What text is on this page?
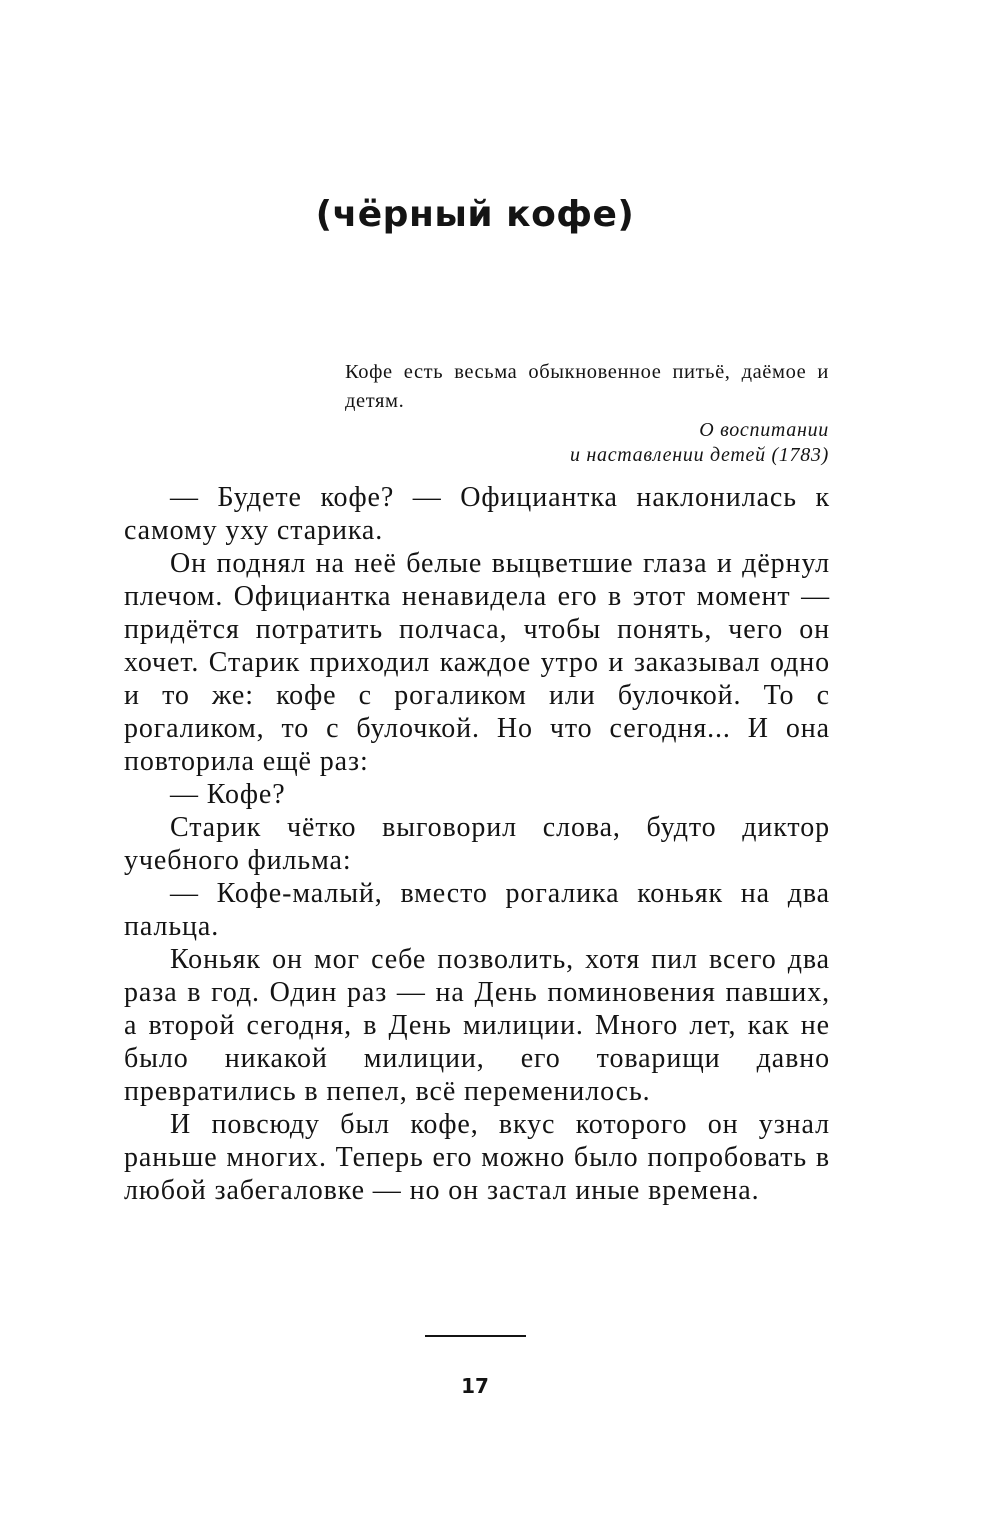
(чёрный кофе)

Кофе есть весьма обыкновенное питьё, даёмое и детям.

О воспитании
и наставлении детей (1783)

— Будете кофе? — Официантка наклонилась к самому уху старика.

Он поднял на неё белые выцветшие глаза и дёрнул плечом. Официантка ненавидела его в этот момент — придётся потратить полчаса, чтобы понять, чего он хочет. Старик приходил каждое утро и заказывал одно и то же: кофе с рогаликом или булочкой. То с рогаликом, то с булочкой. Но что сегодня... И она повторила ещё раз:

— Кофе?

Старик чётко выговорил слова, будто диктор учебного фильма:

— Кофе-малый, вместо рогалика коньяк на два пальца.

Коньяк он мог себе позволить, хотя пил всего два раза в год. Один раз — на День поминовения павших, а второй сегодня, в День милиции. Много лет, как не было никакой милиции, его товарищи давно превратились в пепел, всё переменилось.

И повсюду был кофе, вкус которого он узнал раньше многих. Теперь его можно было попробовать в любой забегаловке — но он застал иные времена.

17
